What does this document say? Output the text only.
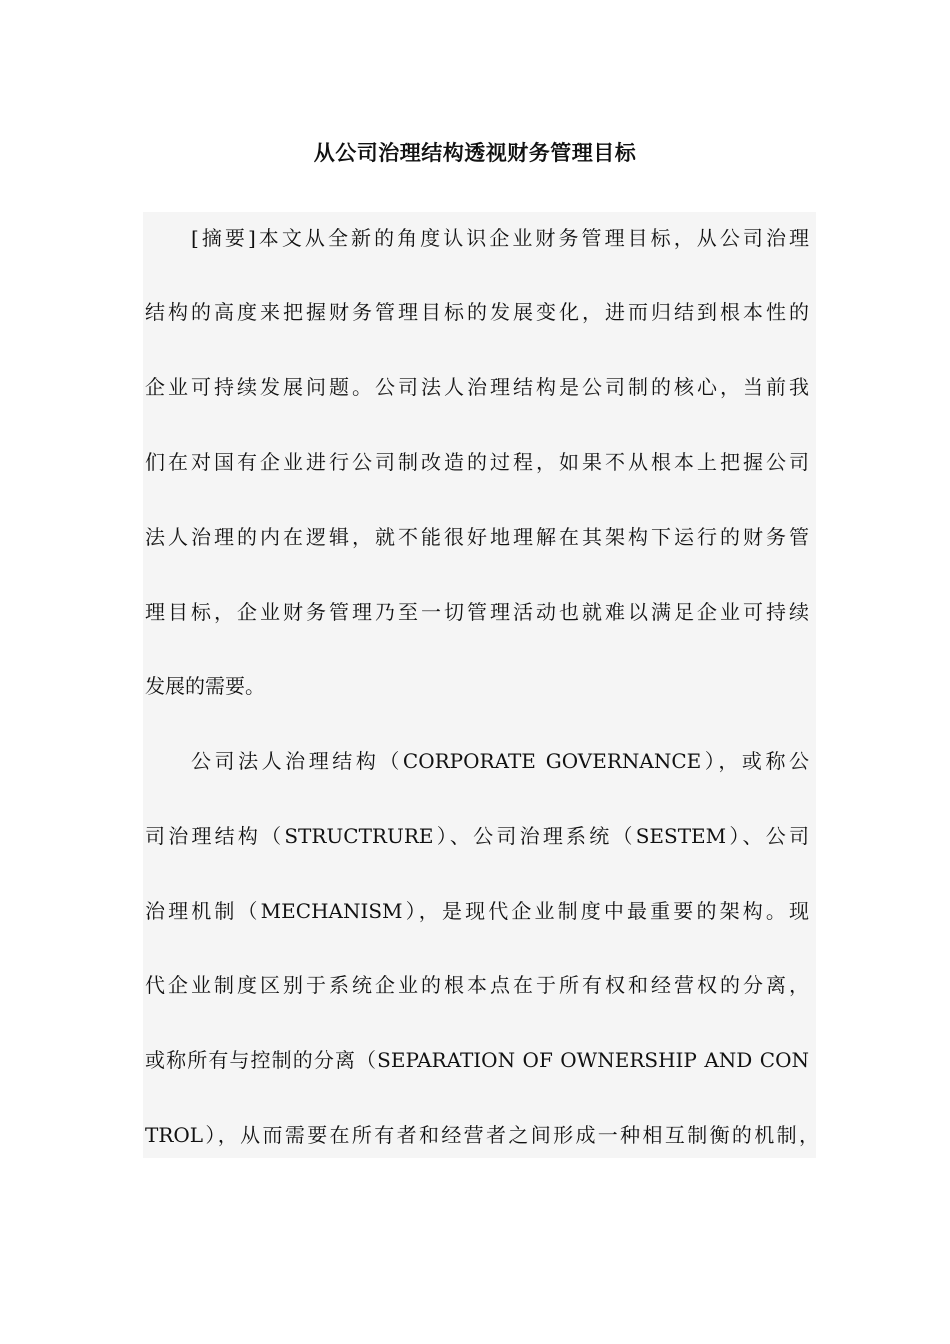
从公司治理结构透视财务管理目标
[摘要]本文从全新的角度认识企业财务管理目标，从公司治理
结构的高度来把握财务管理目标的发展变化，进而归结到根本性的
企业可持续发展问题。公司法人治理结构是公司制的核心，当前我
们在对国有企业进行公司制改造的过程，如果不从根本上把握公司
法人治理的内在逻辑，就不能很好地理解在其架构下运行的财务管
理目标，企业财务管理乃至一切管理活动也就难以满足企业可持续
发展的需要。
公司法人治理结构（CORPORATE GOVERNANCE），或称公
司治理结构（STRUCTRURE）、公司治理系统（SESTEM）、公司
治理机制（MECHANISM），是现代企业制度中最重要的架构。现
代企业制度区别于系统企业的根本点在于所有权和经营权的分离，
或称所有与控制的分离（SEPARATION OF OWNERSHIP AND CON
TROL），从而需要在所有者和经营者之间形成一种相互制衡的机制，
